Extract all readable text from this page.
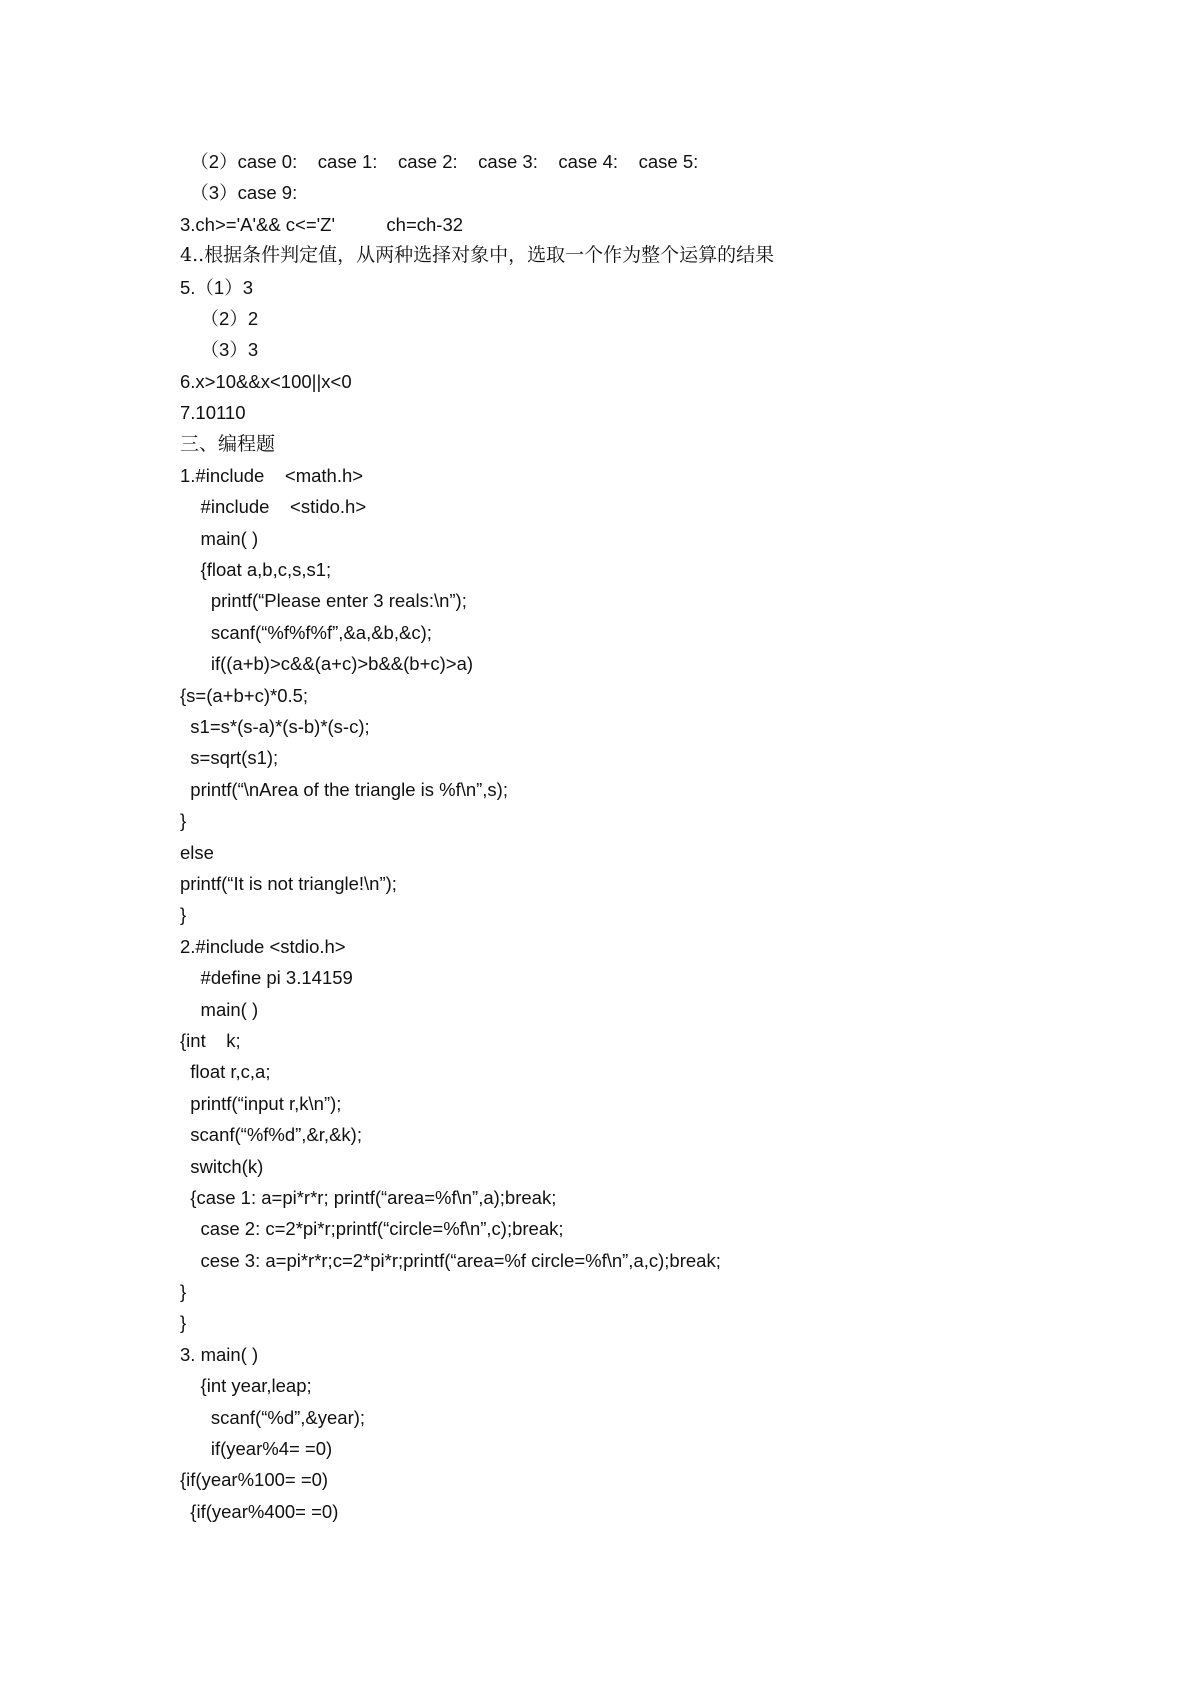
（2）case 0:    case 1:    case 2:    case 3:    case 4:    case 5:
（3）case 9:
3.ch>='A'&& c<='Z'          ch=ch-32
4..根据条件判定值，从两种选择对象中，选取一个作为整个运算的结果
5.（1）3
（2）2
（3）3
6.x>10&&x<100||x<0
7.10110
三、编程题
1.#include    <math.h>
#include    <stido.h>
main( )
{float a,b,c,s,s1;
printf(“Please enter 3 reals:\n”);
scanf(“%f%f%f”,&a,&b,&c);
if((a+b)>c&&(a+c)>b&&(b+c)>a)
{s=(a+b+c)*0.5;
s1=s*(s-a)*(s-b)*(s-c);
s=sqrt(s1);
printf(“\nArea of the triangle is %f\n”,s);
}
else
printf(“It is not triangle!\n”);
}
2.#include <stdio.h>
#define pi 3.14159
main( )
{int    k;
float r,c,a;
printf(“input r,k\n”);
scanf(“%f%d”,&r,&k);
switch(k)
{case 1: a=pi*r*r; printf(“area=%f\n”,a);break;
case 2: c=2*pi*r;printf(“circle=%f\n”,c);break;
cese 3: a=pi*r*r;c=2*pi*r;printf(“area=%f circle=%f\n”,a,c);break;
}
}
3. main( )
{int year,leap;
scanf(“%d”,&year);
if(year%4= =0)
{if(year%100= =0)
{if(year%400= =0)
